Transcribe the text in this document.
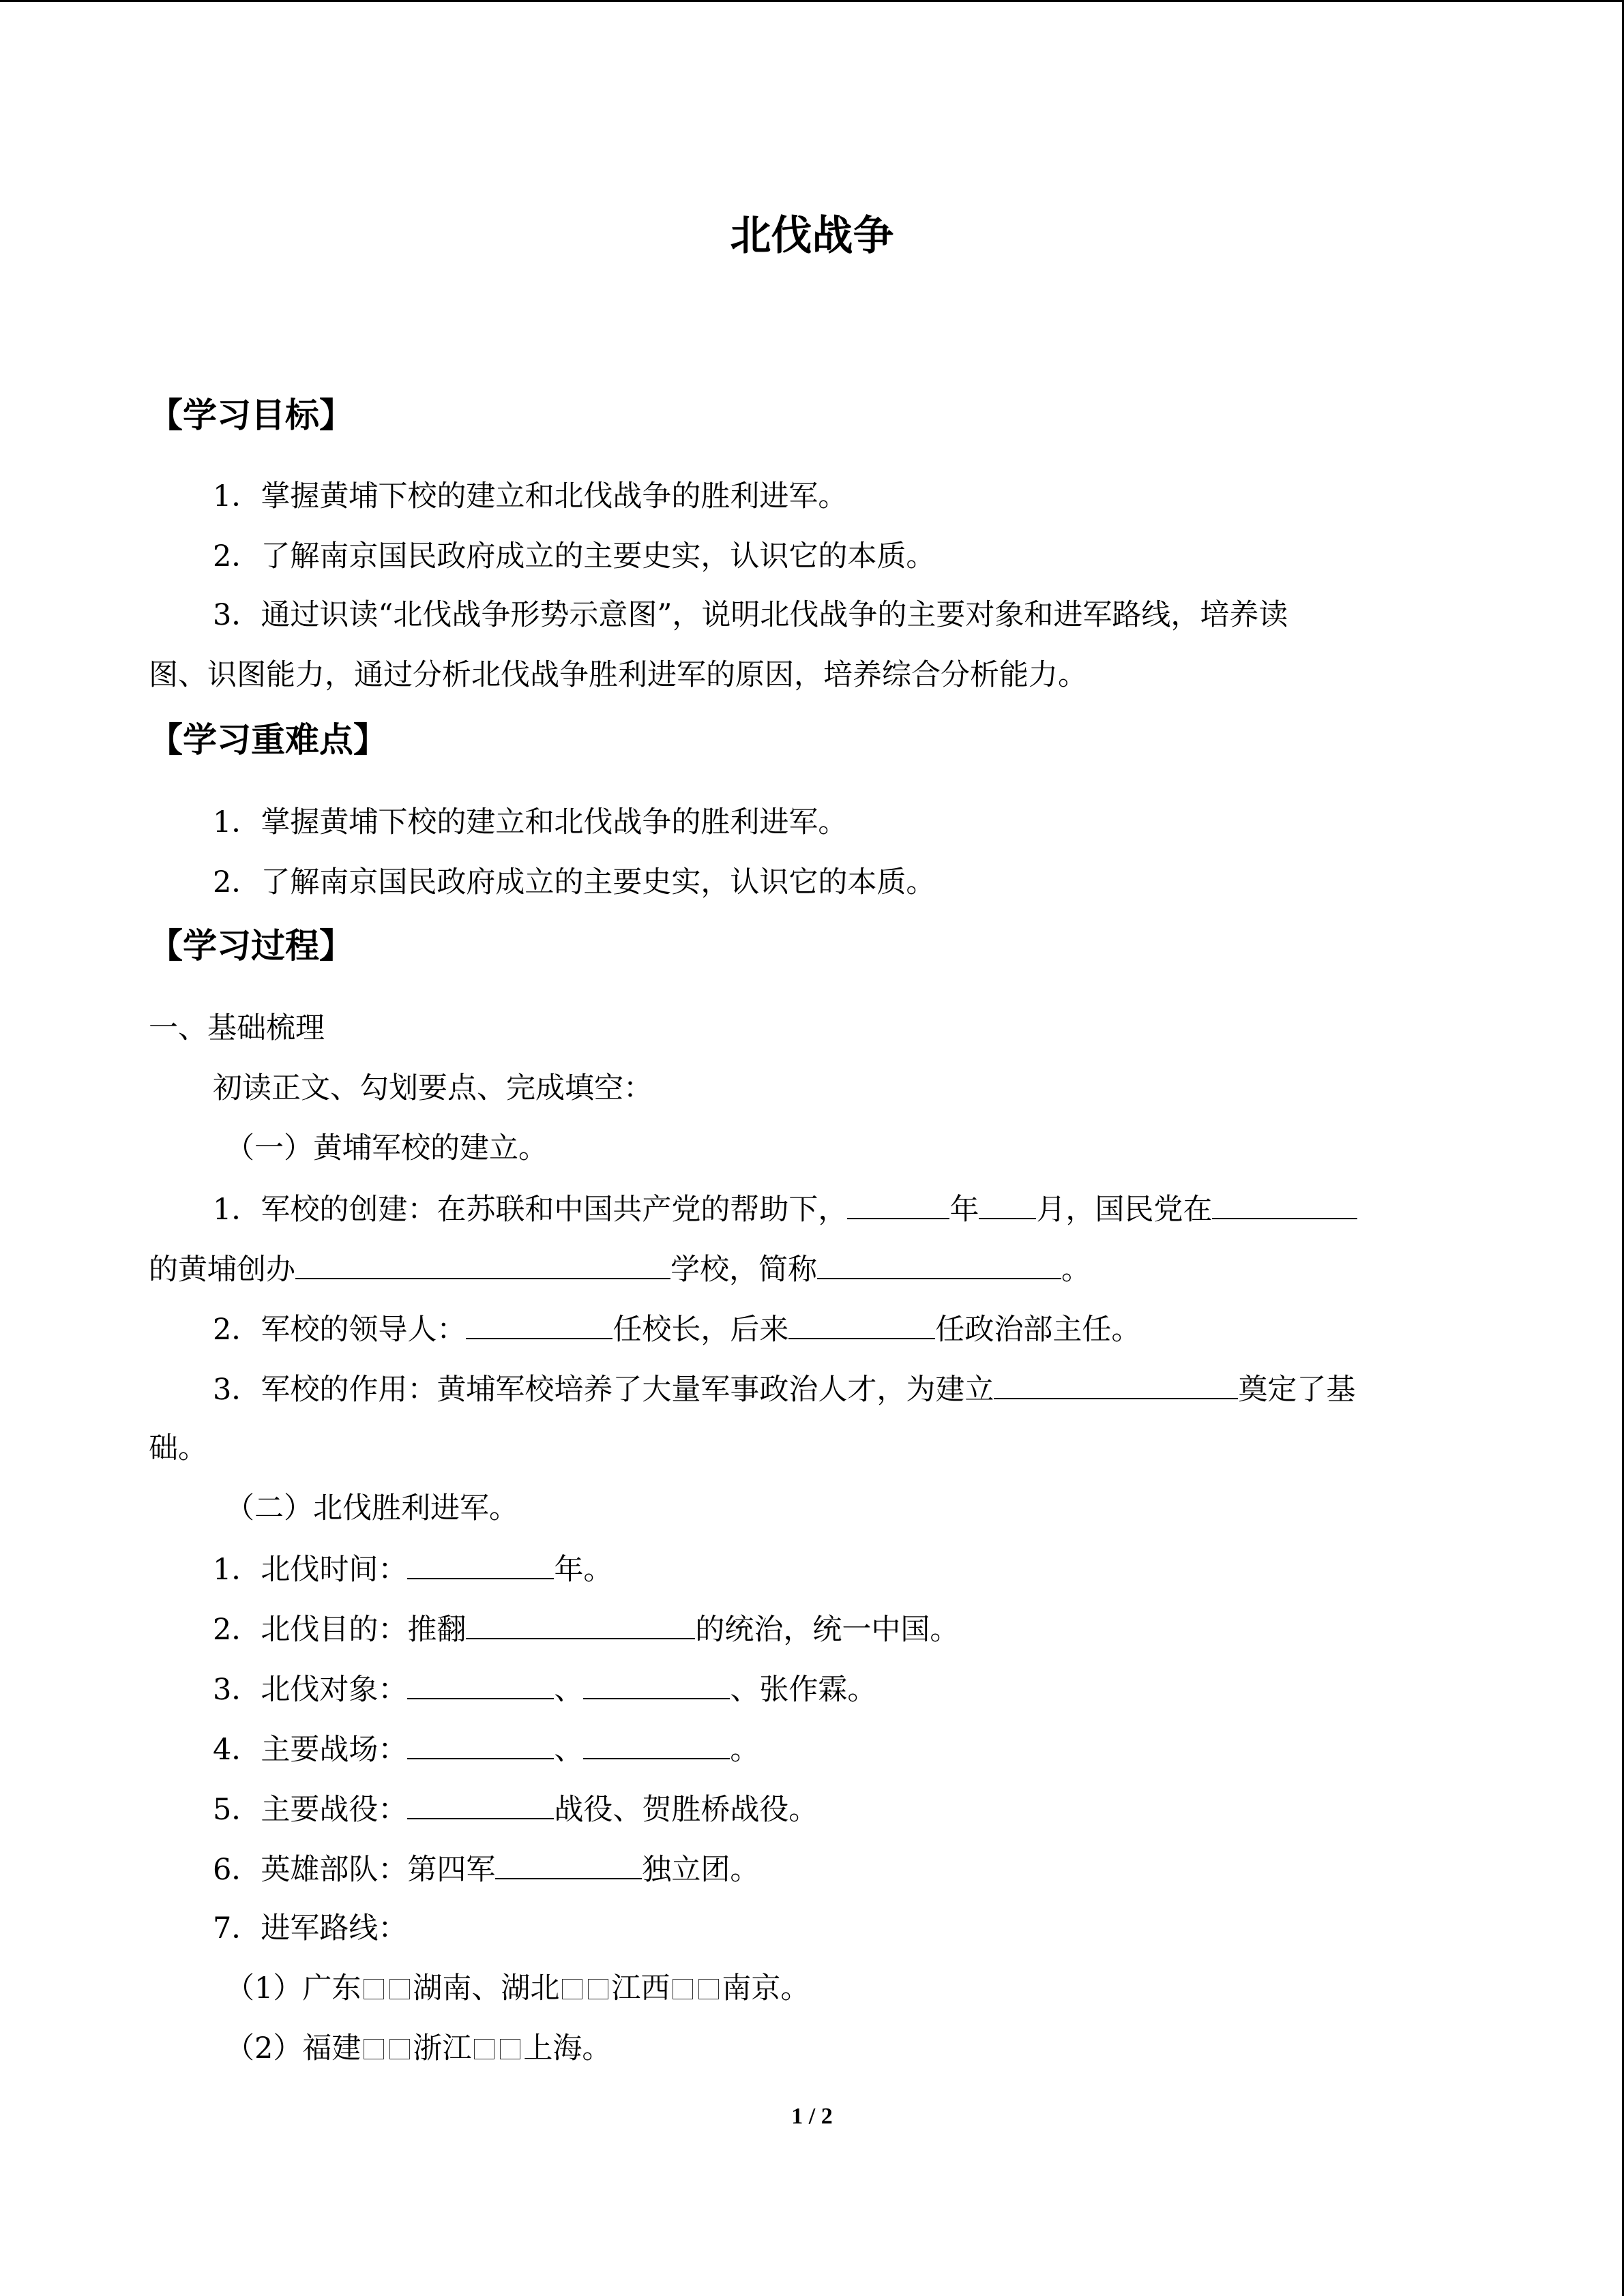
北伐战争
【学习目标】
1．掌握黄埔下校的建立和北伐战争的胜利进军。
2．了解南京国民政府成立的主要史实，认识它的本质。
3．通过识读“北伐战争形势示意图”，说明北伐战争的主要对象和进军路线，培养读
图、识图能力，通过分析北伐战争胜利进军的原因，培养综合分析能力。
【学习重难点】
1．掌握黄埔下校的建立和北伐战争的胜利进军。
2．了解南京国民政府成立的主要史实，认识它的本质。
【学习过程】
一、基础梳理
初读正文、勾划要点、完成填空：
（一）黄埔军校的建立。
1．军校的创建：在苏联和中国共产党的帮助下，	年 月，国民党在
的黄埔创办	学校，简称	。
2．军校的领导人：	任校长，后来	任政治部主任。
3．军校的作用：黄埔军校培养了大量军事政治人才，为建立	奠定了基
础。
（二）北伐胜利进军。
1．北伐时间：	年。
2．北伐目的：推翻	的统治，统一中国。
3．北伐对象：	、	、张作霖。
4．主要战场：	、	。
5．主要战役：	战役、贺胜桥战役。
6．英雄部队：第四军	独立团。
7．进军路线：
（1）广东 湖南、湖北 江西 南京。
（2）福建 浙江 上海。
1 / 2
